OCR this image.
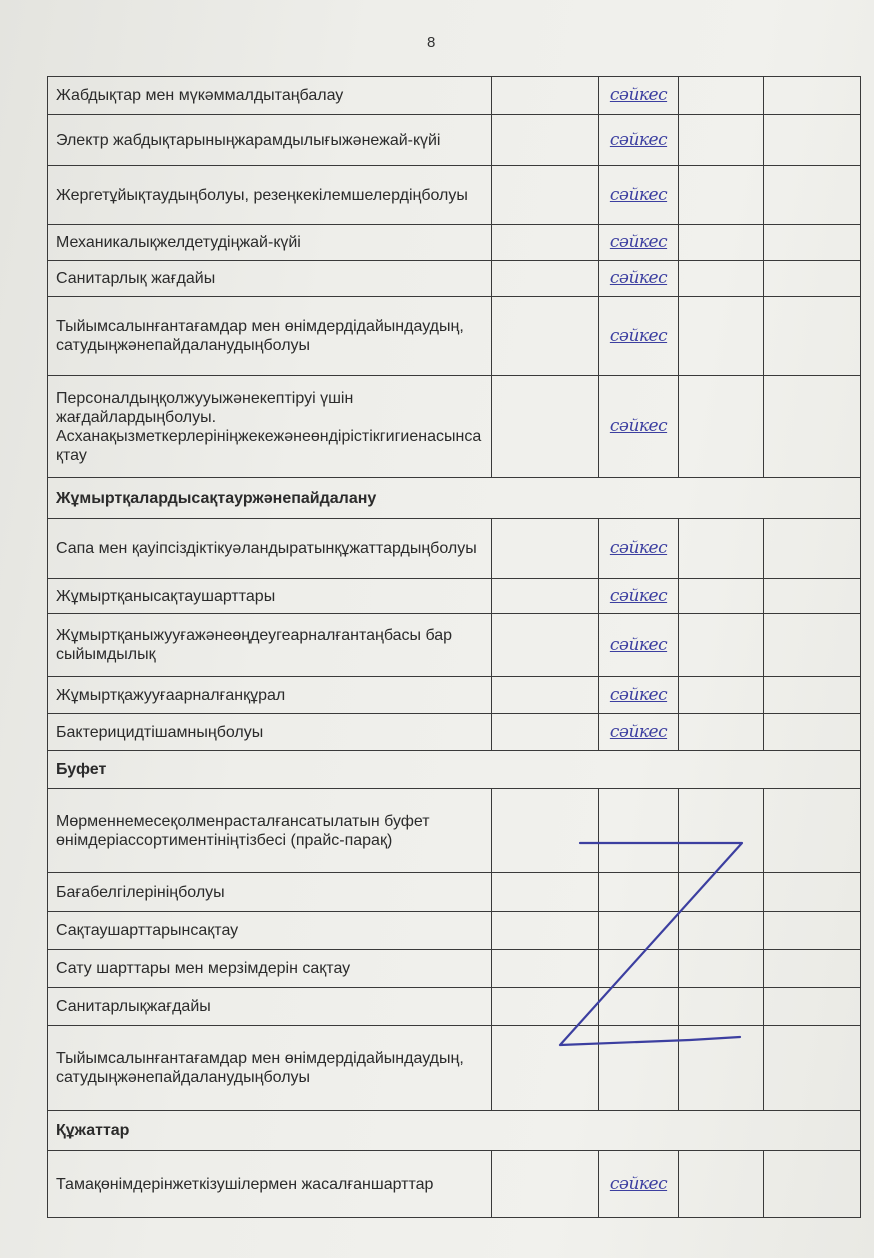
8
Жабдықтар мен мүкәммалдытаңбалау		сәйкес		
Электр жабдықтарыныңжарамдылығыжәнежай-күйі		сәйкес		
Жергетұйықтаудыңболуы, резеңкекілемшелердіңболуы		сәйкес		
Механикалықжелдетудіңжай-күйі		сәйкес		
Санитарлық жағдайы		сәйкес		
Тыйымсалынғантағамдар мен өнімдердідайындаудың, сатудыңжәнепайдаланудыңболуы		сәйкес		
Персоналдыңқолжууыжәнекептіруі үшін жағдайлардыңболуы. Асханақызметкерлерініңжекежәнеөндірістікгигиенасынсақтау		сәйкес		
Жұмыртқалардысақтауржәнепайдалану				
Сапа мен қауіпсіздіктікуәландыратынқұжаттардыңболуы		сәйкес		
Жұмыртқанысақтаушарттары		сәйкес		
Жұмыртқаныжууғажәнеөңдеугеарналғантаңбасы бар сыйымдылық		сәйкес		
Жұмыртқажууғаарналғанқұрал		сәйкес		
Бактерицидтішамныңболуы		сәйкес		
Буфет				
Мөрменнемесеқолменрасталғансатылатын буфет өнімдеріассортиментініңтізбесі (прайс-парақ)				
Бағабелгілерініңболуы				
Сақтаушарттарынсақтау				
Сату шарттары мен мерзімдерін сақтау				
Санитарлықжағдайы				
Тыйымсалынғантағамдар мен өнімдердідайындаудың, сатудыңжәнепайдаланудыңболуы				
Құжаттар				
Тамақөнімдерінжеткізушілермен жасалғаншарттар		сәйкес		
